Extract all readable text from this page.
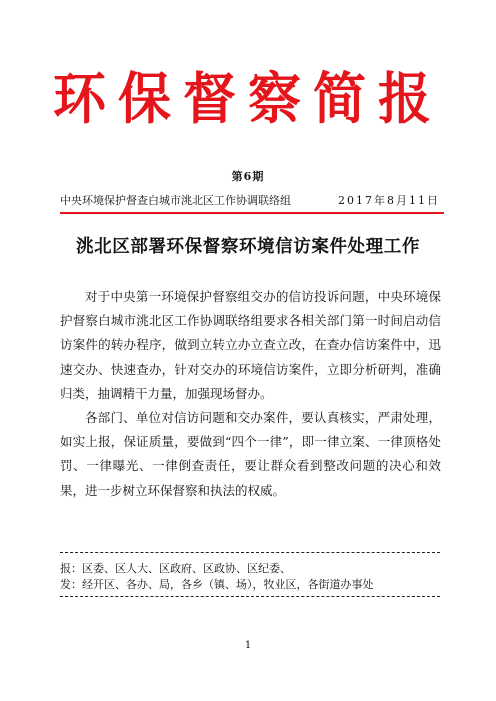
环保督察简报
第6期
中央环境保护督查白城市洮北区工作协调联络组	2017年8月11日
洮北区部署环保督察环境信访案件处理工作

对于中央第一环境保护督察组交办的信访投诉问题，中央环境保护督察白城市洮北区工作协调联络组要求各相关部门第一时间启动信访案件的转办程序，做到立转立办立查立改，在查办信访案件中，迅速交办、快速查办，针对交办的环境信访案件，立即分析研判，准确归类，抽调精干力量，加强现场督办。

各部门、单位对信访问题和交办案件，要认真核实，严肃处理，如实上报，保证质量，要做到“四个一律”，即一律立案、一律顶格处罚、一律曝光、一律倒查责任，要让群众看到整改问题的决心和效果，进一步树立环保督察和执法的权威。

报：区委、区人大、区政府、区政协、区纪委、
发：经开区、各办、局，各乡（镇、场），牧业区，各街道办事处
1
